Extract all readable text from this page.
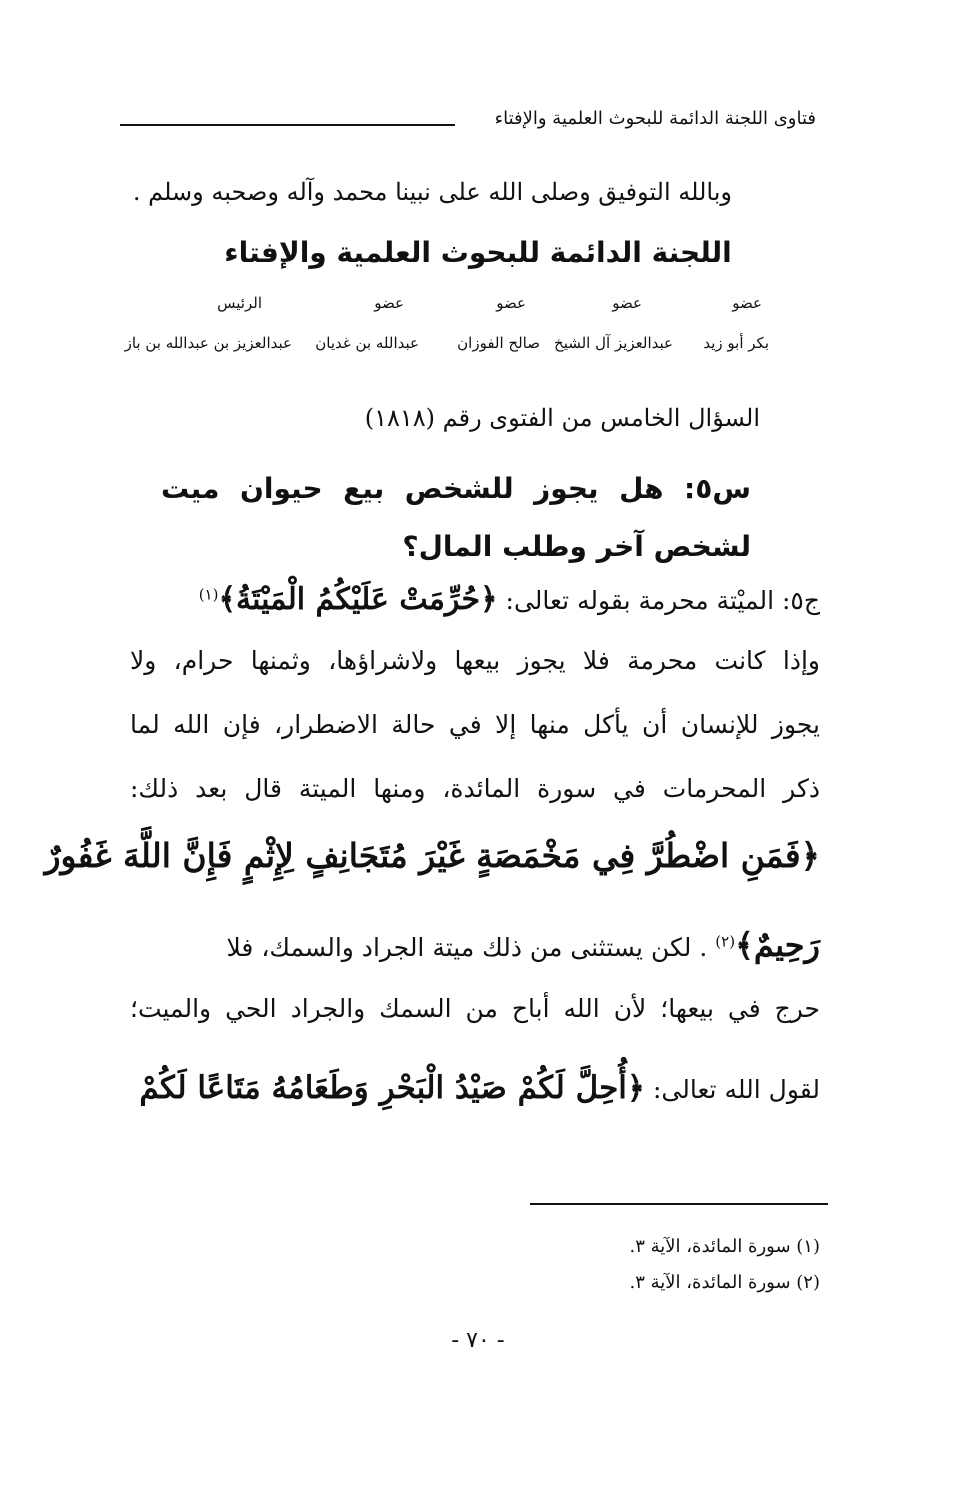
فتاوى اللجنة الدائمة للبحوث العلمية والإفتاء
وبالله التوفيق وصلى الله على نبينا محمد وآله وصحبه وسلم .
اللجنة الدائمة للبحوث العلمية والإفتاء
عضو
عضو
عضو
عضو
الرئيس
بكر أبو زيد
عبدالعزيز آل الشيخ
صالح الفوزان
عبدالله بن غديان
عبدالعزيز بن عبدالله بن باز
السؤال الخامس من الفتوى رقم (١٨١٨)
س٥: هل يجوز للشخص بيع حيوان ميت لشخص آخر وطلب المال؟
ج٥: الميْتة محرمة بقوله تعالى: ﴿حُرِّمَتْ عَلَيْكُمُ الْمَيْتَةُ﴾$^{(١)}$
وإذا كانت محرمة فلا يجوز بيعها ولاشراؤها، وثمنها حرام، ولا
يجوز للإنسان أن يأكل منها إلا في حالة الاضطرار، فإن الله لما
ذكر المحرمات في سورة المائدة، ومنها الميتة قال بعد ذلك:
﴿فَمَنِ اضْطُرَّ فِي مَخْمَصَةٍ غَيْرَ مُتَجَانِفٍ لِإِثْمٍ فَإِنَّ اللَّهَ غَفُورٌ
رَحِيمٌ﴾$^{(٢)}$ . لكن يستثنى من ذلك ميتة الجراد والسمك، فلا
حرج في بيعها؛ لأن الله أباح من السمك والجراد الحي والميت؛
لقول الله تعالى: ﴿أُحِلَّ لَكُمْ صَيْدُ الْبَحْرِ وَطَعَامُهُ مَتَاعًا لَكُمْ
(١) سورة المائدة، الآية ٣.
(٢) سورة المائدة، الآية ٣.
- ٧٠ -
